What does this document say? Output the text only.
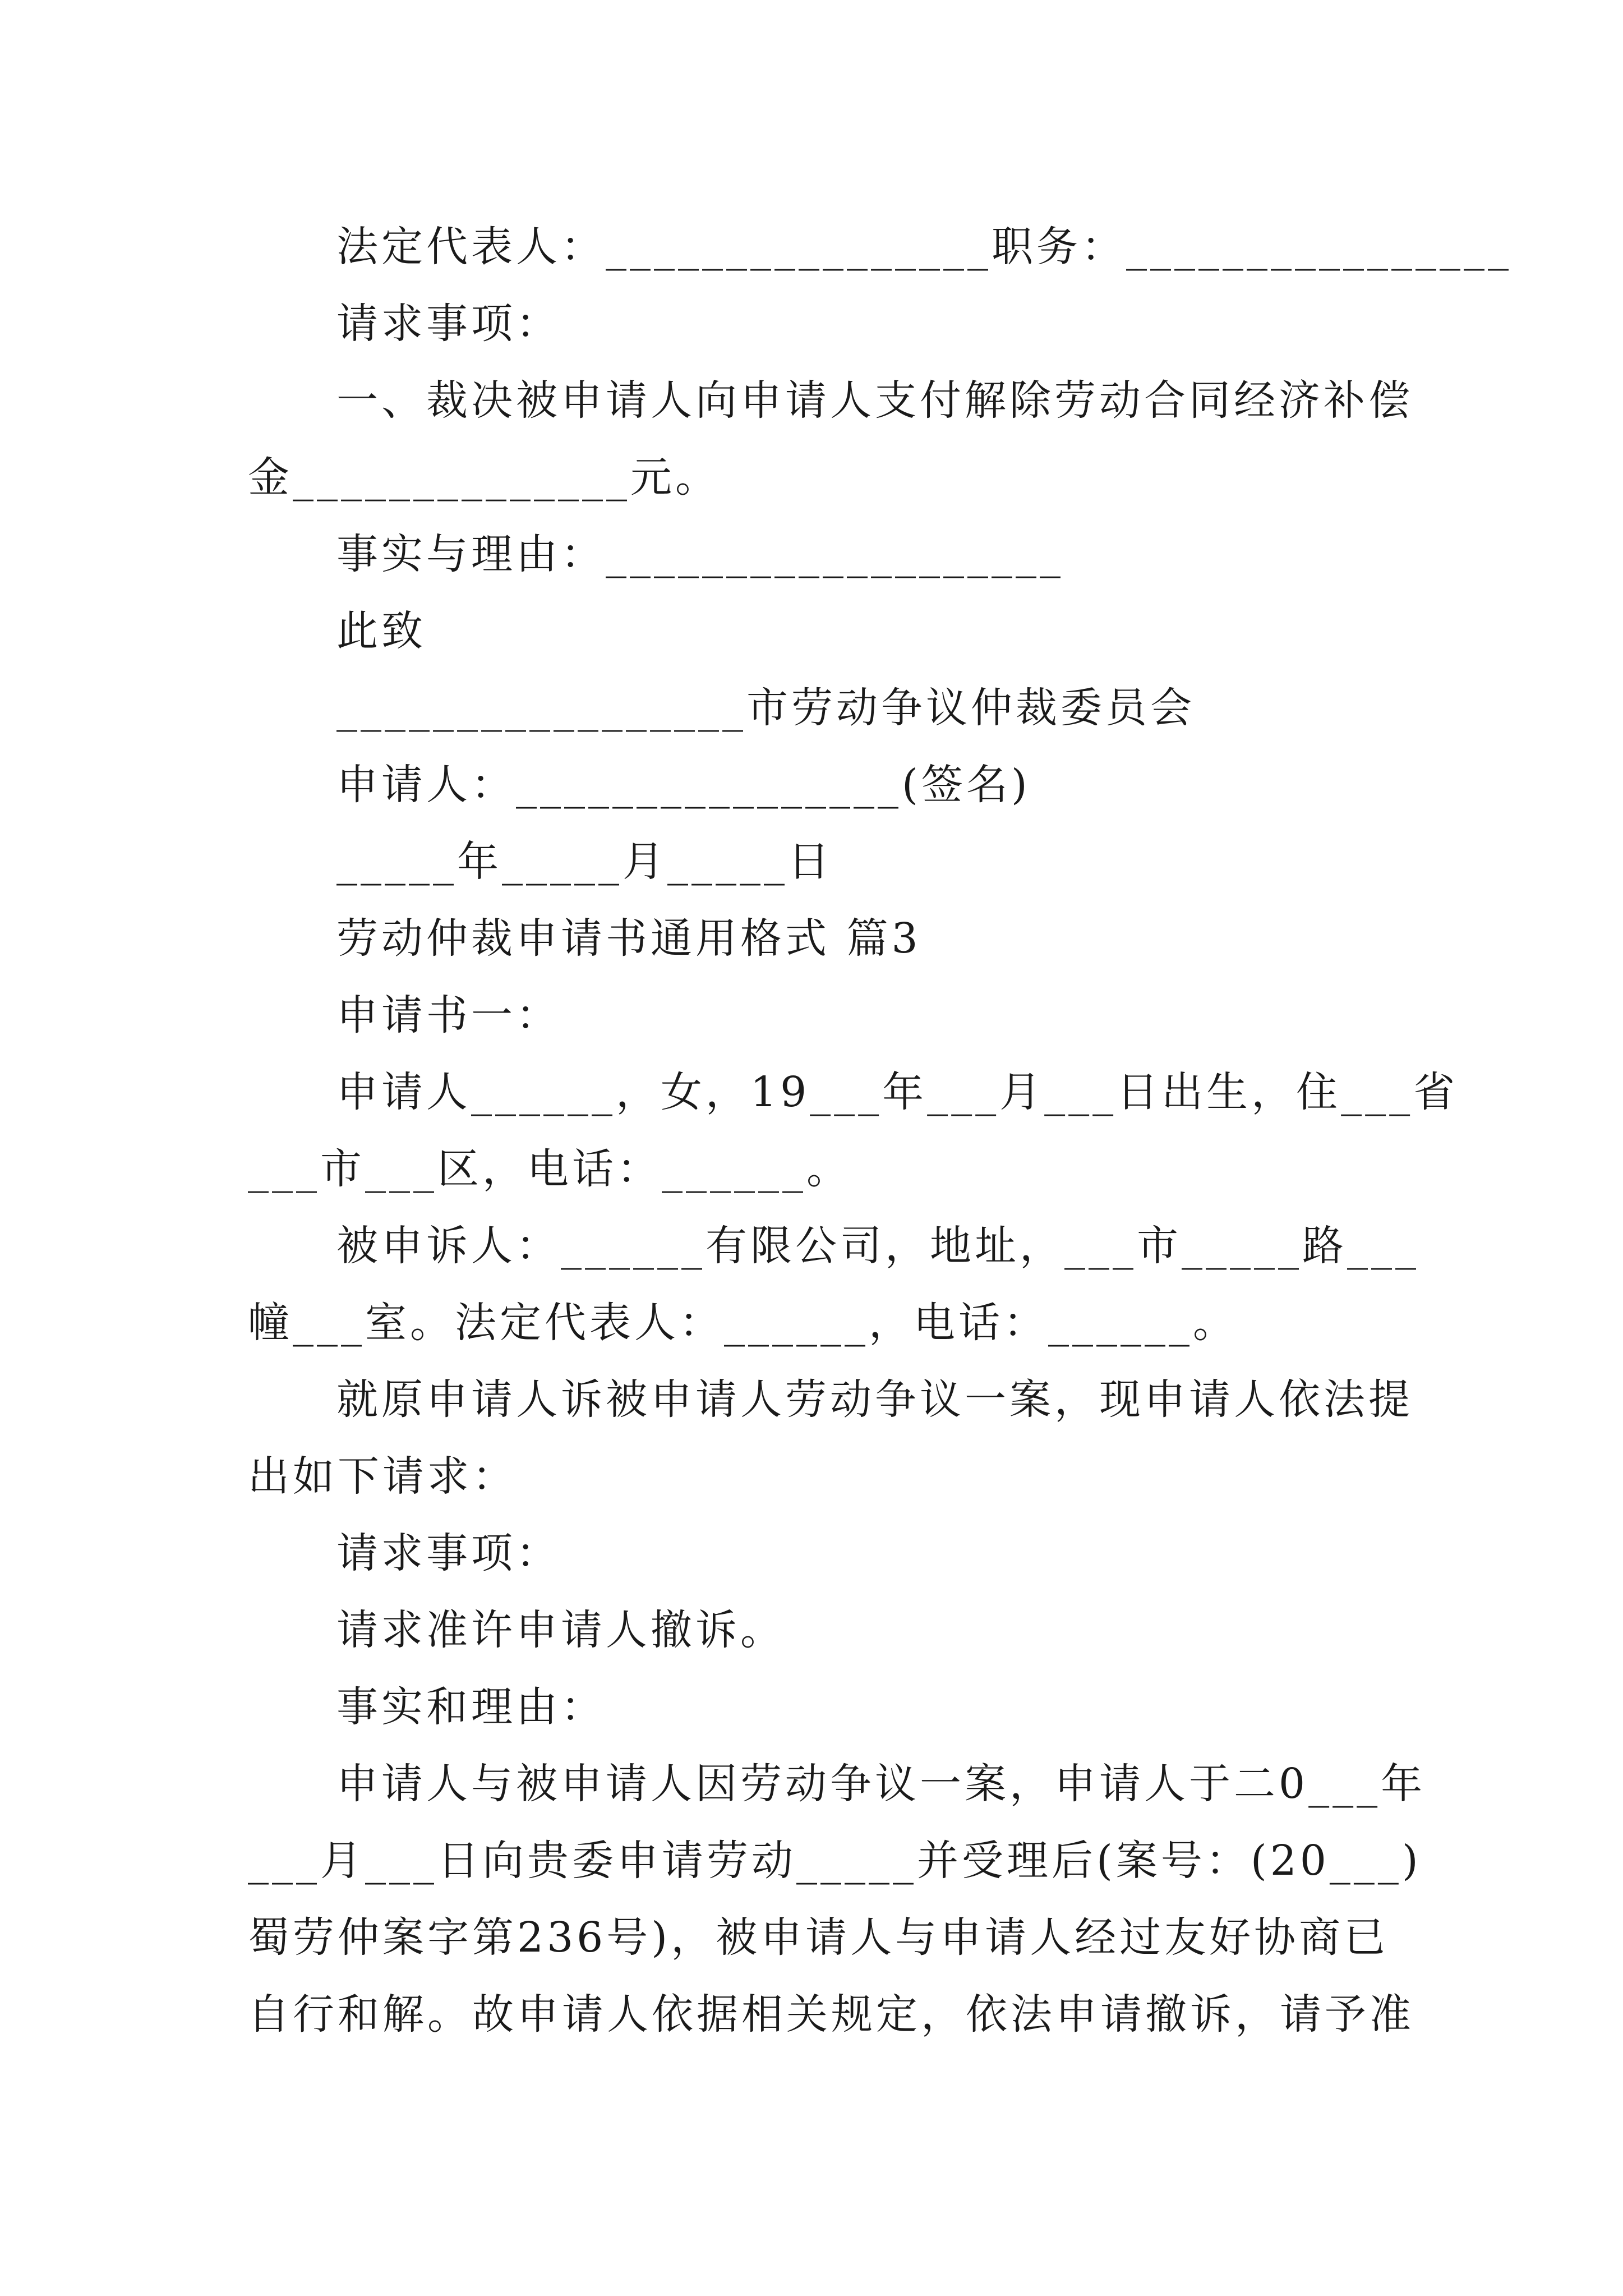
法定代表人：________________职务：________________
请求事项：
一、裁决被申请人向申请人支付解除劳动合同经济补偿
金______________元。
事实与理由：___________________
此致
_________________市劳动争议仲裁委员会
申请人：________________(签名)
_____年_____月_____日
劳动仲裁申请书通用格式 篇3
申请书一：
申请人______，女，19___年___月___日出生，住___省
___市___区，电话：______。
被申诉人：______有限公司，地址，___市_____路___
幢___室。法定代表人：______，电话：______。
就原申请人诉被申请人劳动争议一案，现申请人依法提
出如下请求：
请求事项：
请求准许申请人撤诉。
事实和理由：
申请人与被申请人因劳动争议一案，申请人于二0___年
___月___日向贵委申请劳动_____并受理后(案号：(20___)
蜀劳仲案字第236号)，被申请人与申请人经过友好协商已
自行和解。故申请人依据相关规定，依法申请撤诉，请予准
